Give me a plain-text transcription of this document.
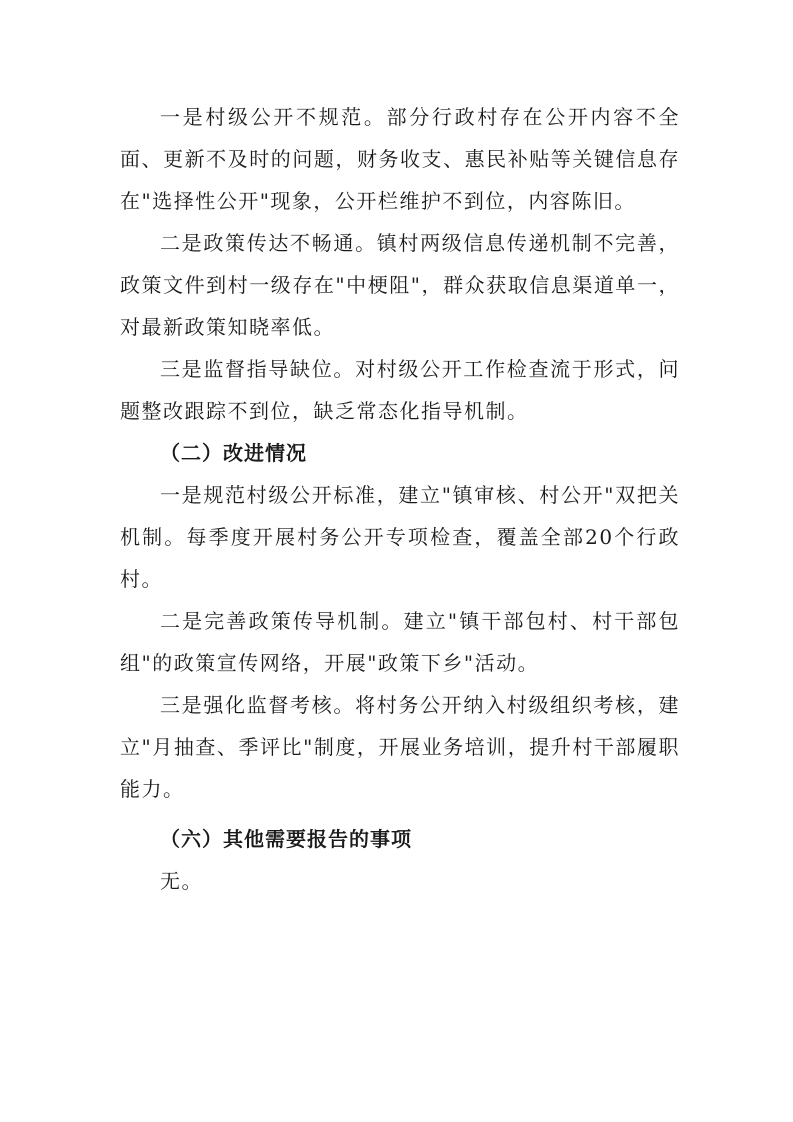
一是村级公开不规范。部分行政村存在公开内容不全面、更新不及时的问题，财务收支、惠民补贴等关键信息存在"选择性公开"现象，公开栏维护不到位，内容陈旧。

二是政策传达不畅通。镇村两级信息传递机制不完善，政策文件到村一级存在"中梗阻"，群众获取信息渠道单一，对最新政策知晓率低。

三是监督指导缺位。对村级公开工作检查流于形式，问题整改跟踪不到位，缺乏常态化指导机制。

（二）改进情况

一是规范村级公开标准，建立"镇审核、村公开"双把关机制。每季度开展村务公开专项检查，覆盖全部20个行政村。

二是完善政策传导机制。建立"镇干部包村、村干部包组"的政策宣传网络，开展"政策下乡"活动。

三是强化监督考核。将村务公开纳入村级组织考核，建立"月抽查、季评比"制度，开展业务培训，提升村干部履职能力。

（六）其他需要报告的事项

无。
